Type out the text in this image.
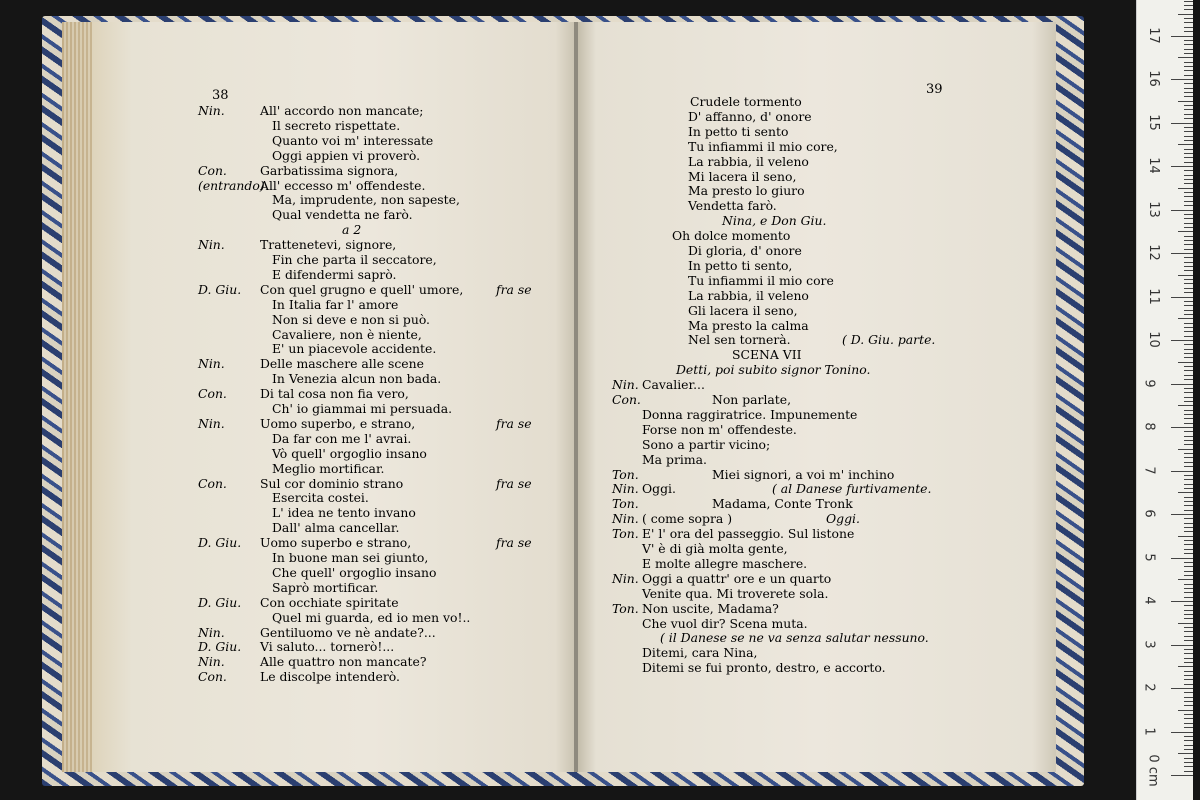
38
Nin.	All' accordo non mancate;
Il secreto rispettate.
Quanto voi m' interessate
Oggi appien vi proverò.
Con.	Garbatissima signora,
(entrando)
All' eccesso m' offendeste.
Ma, imprudente, non sapeste,
Qual vendetta ne farò.
a 2
Nin.	Trattenetevi, signore,
Fin che parta il seccatore,
E difendermi saprò.
D. Giu. Con quel grugno e quell' umore,	fra se
In Italia far l' amore
Non si deve e non si può.
Cavaliere, non è niente,
E' un piacevole accidente.
Nin.	Delle maschere alle scene
In Venezia alcun non bada.
Con.	Di tal cosa non fia vero,
Ch' io giammai mi persuada.
Nin.	Uomo superbo, e strano,	fra se
Da far con me l' avrai.
Vò quell' orgoglio insano
Meglio mortificar.
Con.	Sul cor dominio strano	fra se
Esercita costei.
L' idea ne tento invano
Dall' alma cancellar.
D. Giu. Uomo superbo e strano,	fra se
In buone man sei giunto,
Che quell' orgoglio insano
Saprò mortificar.
D. Giu. Con occhiate spiritate
Quel mi guarda, ed io men vo!..
Nin.	Gentiluomo ve nè andate?...
D. Giu. Vi saluto... tornerò!...
Nin.	Alle quattro non mancate?
Con.	Le discolpe intenderò.
39
Crudele tormento
D' affanno, d' onore
In petto ti sento
Tu infiammi il mio core,
La rabbia, il veleno
Mi lacera il seno,
Ma presto lo giuro
Vendetta farò.
Nina, e Don Giu.
Oh dolce momento
Di gloria, d' onore
In petto ti sento,
Tu infiammi il mio core
La rabbia, il veleno
Gli lacera il seno,
Ma presto la calma
Nel sen tornerà.	( D. Giu. parte.
SCENA VII
Detti, poi subito signor Tonino.
Nin. Cavalier...
Con.	Non parlate,
Donna raggiratrice. Impunemente
Forse non m' offendeste.
Sono a partir vicino;
Ma prima.
Ton.	Miei signori, a voi m' inchino
Nin. Oggi.	( al Danese furtivamente.
Ton.	Madama, Conte Tronk
Nin. ( come sopra )	Oggi.
Ton. E' l' ora del passeggio. Sul listone
V' è di già molta gente,
E molte allegre maschere.
Nin. Oggi a quattr' ore e un quarto
Venite qua. Mi troverete sola.
Ton. Non uscite, Madama?
Che vuol dir? Scena muta.
( il Danese se ne va senza salutar nessuno.
Ditemi, cara Nina,
Ditemi se fui pronto, destro, e accorto.
0 cm
1
2
3
4
5
6
7
8
9
10
11
12
13
14
15
16
17
